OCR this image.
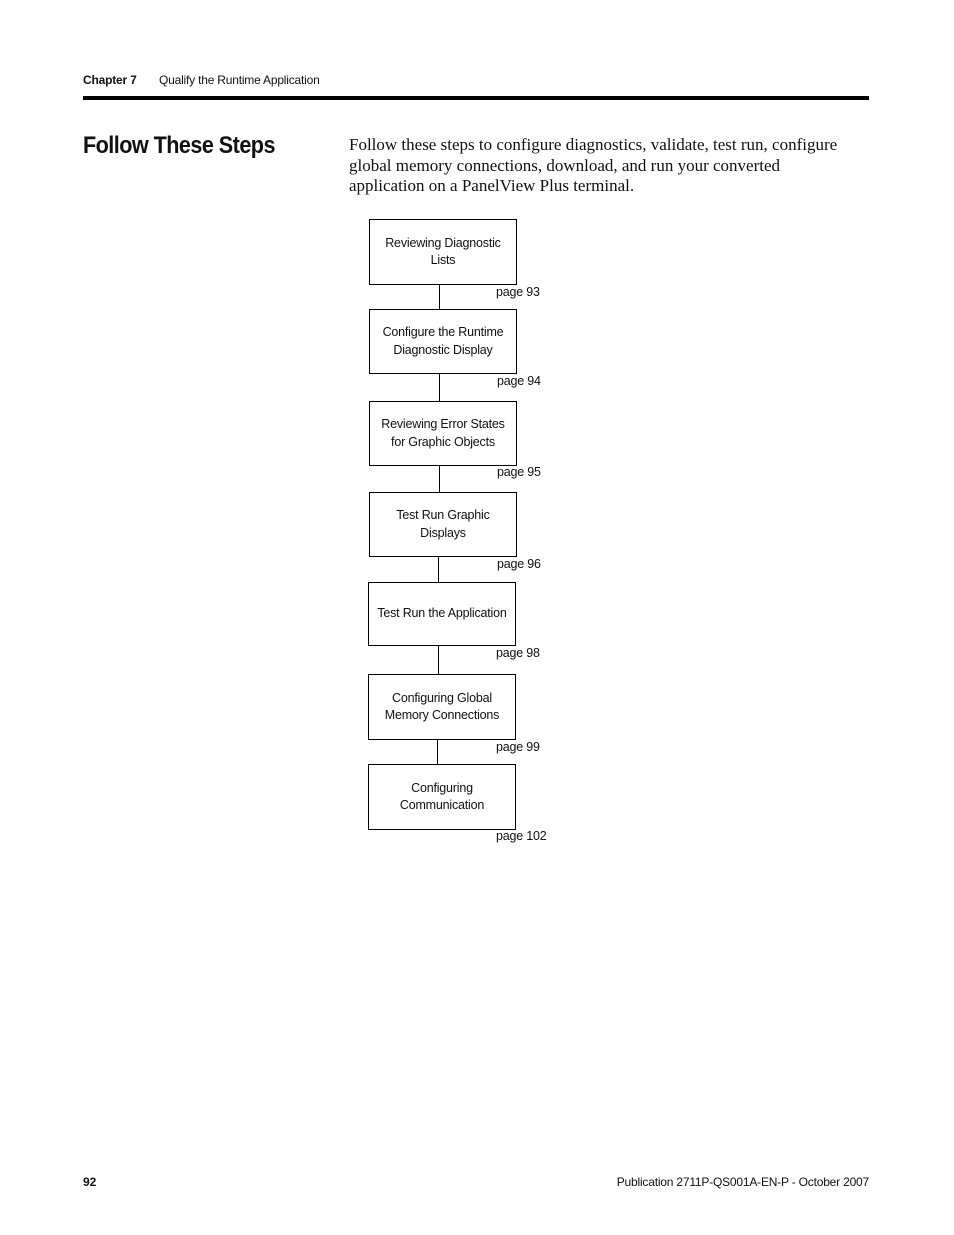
Chapter 7 Qualify the Runtime Application
Follow These Steps	Follow these steps to configure diagnostics, validate, test run, configure global memory connections, download, and run your converted application on a PanelView Plus terminal.
Reviewing Diagnostic Lists
page 93
Configure the Runtime Diagnostic Display
page 94
Reviewing Error States for Graphic Objects
page 95
Test Run Graphic Displays
page 96
Test Run the Application
page 98
Configuring Global Memory Connections
page 99
Configuring Communication
page 102
92	Publication 2711P-QS001A-EN-P - October 2007
